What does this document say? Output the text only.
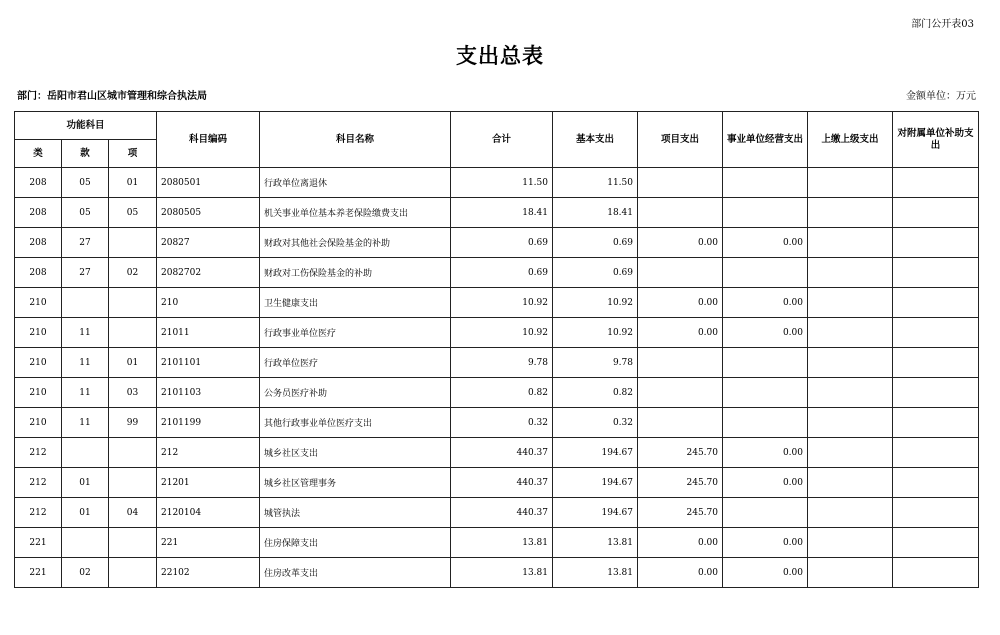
部门公开表03
支出总表
部门：岳阳市君山区城市管理和综合执法局	金额单位：万元
功能科目			科目编码	科目名称	合计	基本支出	项目支出	事业单位经营支出	上缴上级支出	对附属单位补助支出
类	款	项								
208	05	01	2080501	行政单位离退休	11.50	11.50				
208	05	05	2080505	机关事业单位基本养老保险缴费支出	18.41	18.41				
208	27		20827	财政对其他社会保险基金的补助	0.69	0.69	0.00	0.00		
208	27	02	2082702	财政对工伤保险基金的补助	0.69	0.69				
210			210	卫生健康支出	10.92	10.92	0.00	0.00		
210	11		21011	行政事业单位医疗	10.92	10.92	0.00	0.00		
210	11	01	2101101	行政单位医疗	9.78	9.78				
210	11	03	2101103	公务员医疗补助	0.82	0.82				
210	11	99	2101199	其他行政事业单位医疗支出	0.32	0.32				
212			212	城乡社区支出	440.37	194.67	245.70	0.00		
212	01		21201	城乡社区管理事务	440.37	194.67	245.70	0.00		
212	01	04	2120104	城管执法	440.37	194.67	245.70			
221			221	住房保障支出	13.81	13.81	0.00	0.00		
221	02		22102	住房改革支出	13.81	13.81	0.00	0.00		
